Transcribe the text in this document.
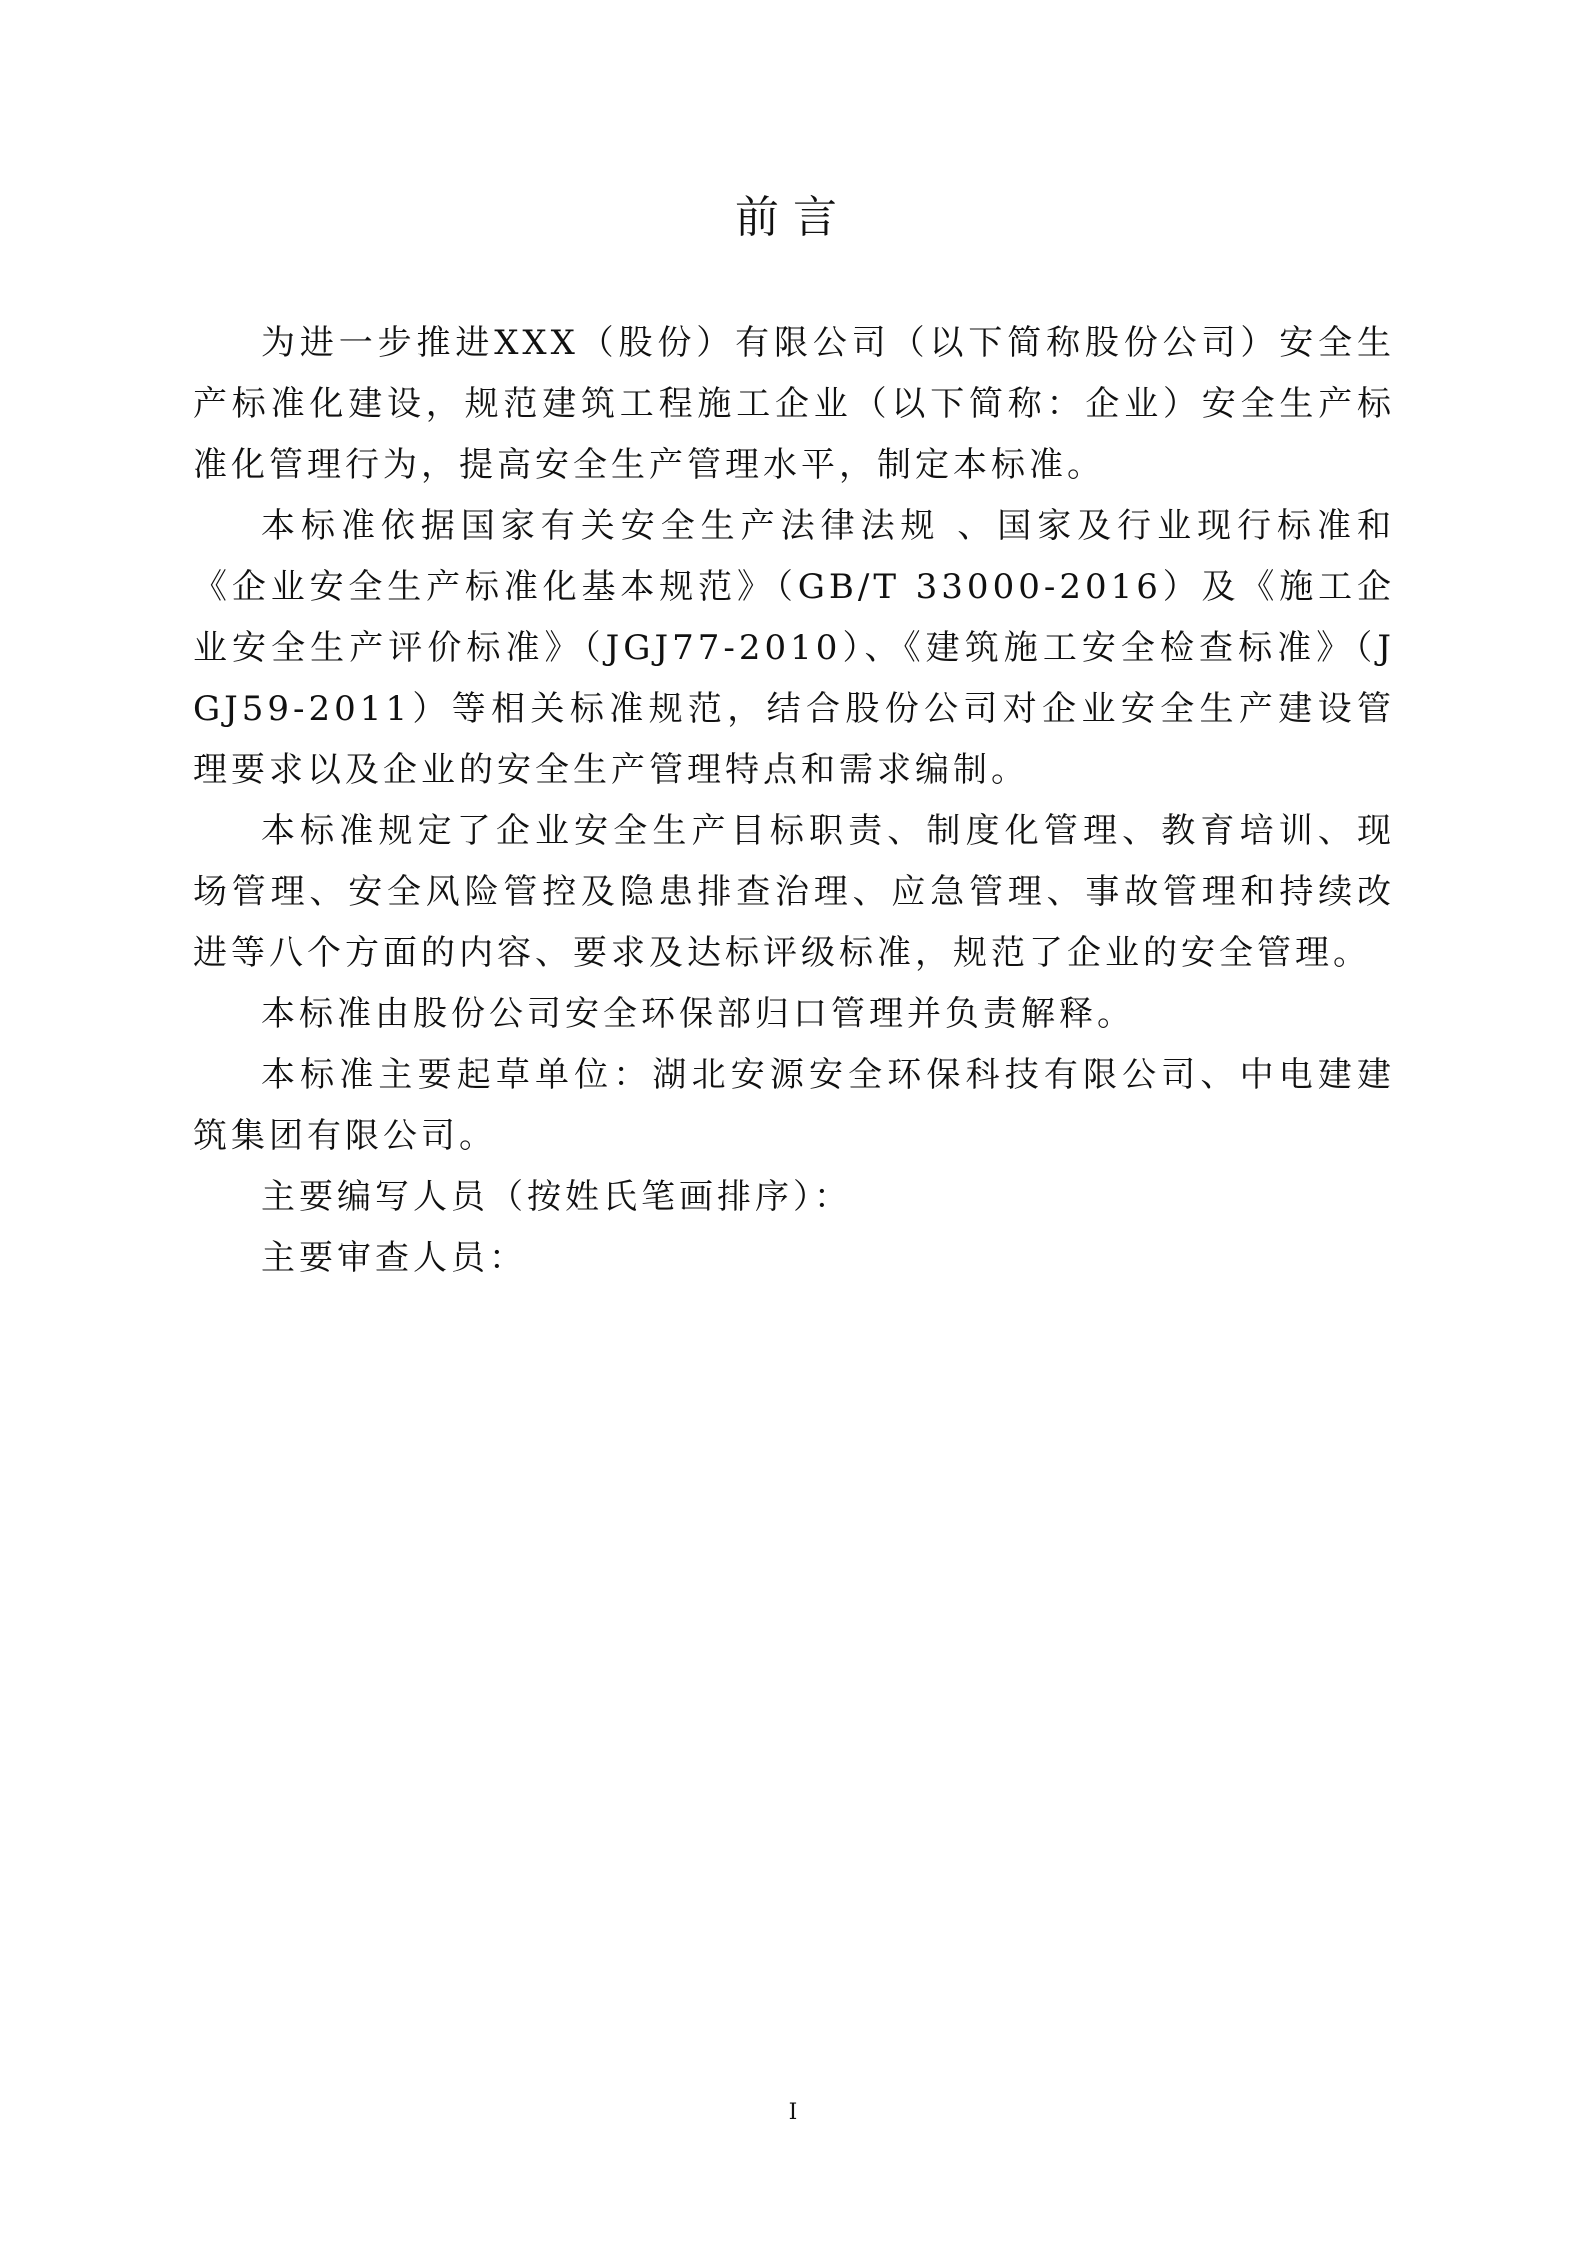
前言

为进一步推进XXX（股份）有限公司（以下简称股份公司）安全生产标准化建设，规范建筑工程施工企业（以下简称：企业）安全生产标准化管理行为，提高安全生产管理水平，制定本标准。

本标准依据国家有关安全生产法律法规 、国家及行业现行标准和《企业安全生产标准化基本规范》（GB/T 33000-2016）及《施工企业安全生产评价标准》（JGJ77-2010）、《建筑施工安全检查标准》（JGJ59-2011）等相关标准规范，结合股份公司对企业安全生产建设管理要求以及企业的安全生产管理特点和需求编制。

本标准规定了企业安全生产目标职责、制度化管理、教育培训、现场管理、安全风险管控及隐患排查治理、应急管理、事故管理和持续改进等八个方面的内容、要求及达标评级标准，规范了企业的安全管理。

本标准由股份公司安全环保部归口管理并负责解释。

本标准主要起草单位：湖北安源安全环保科技有限公司、中电建建筑集团有限公司。

主要编写人员（按姓氏笔画排序）：

主要审查人员：

I
